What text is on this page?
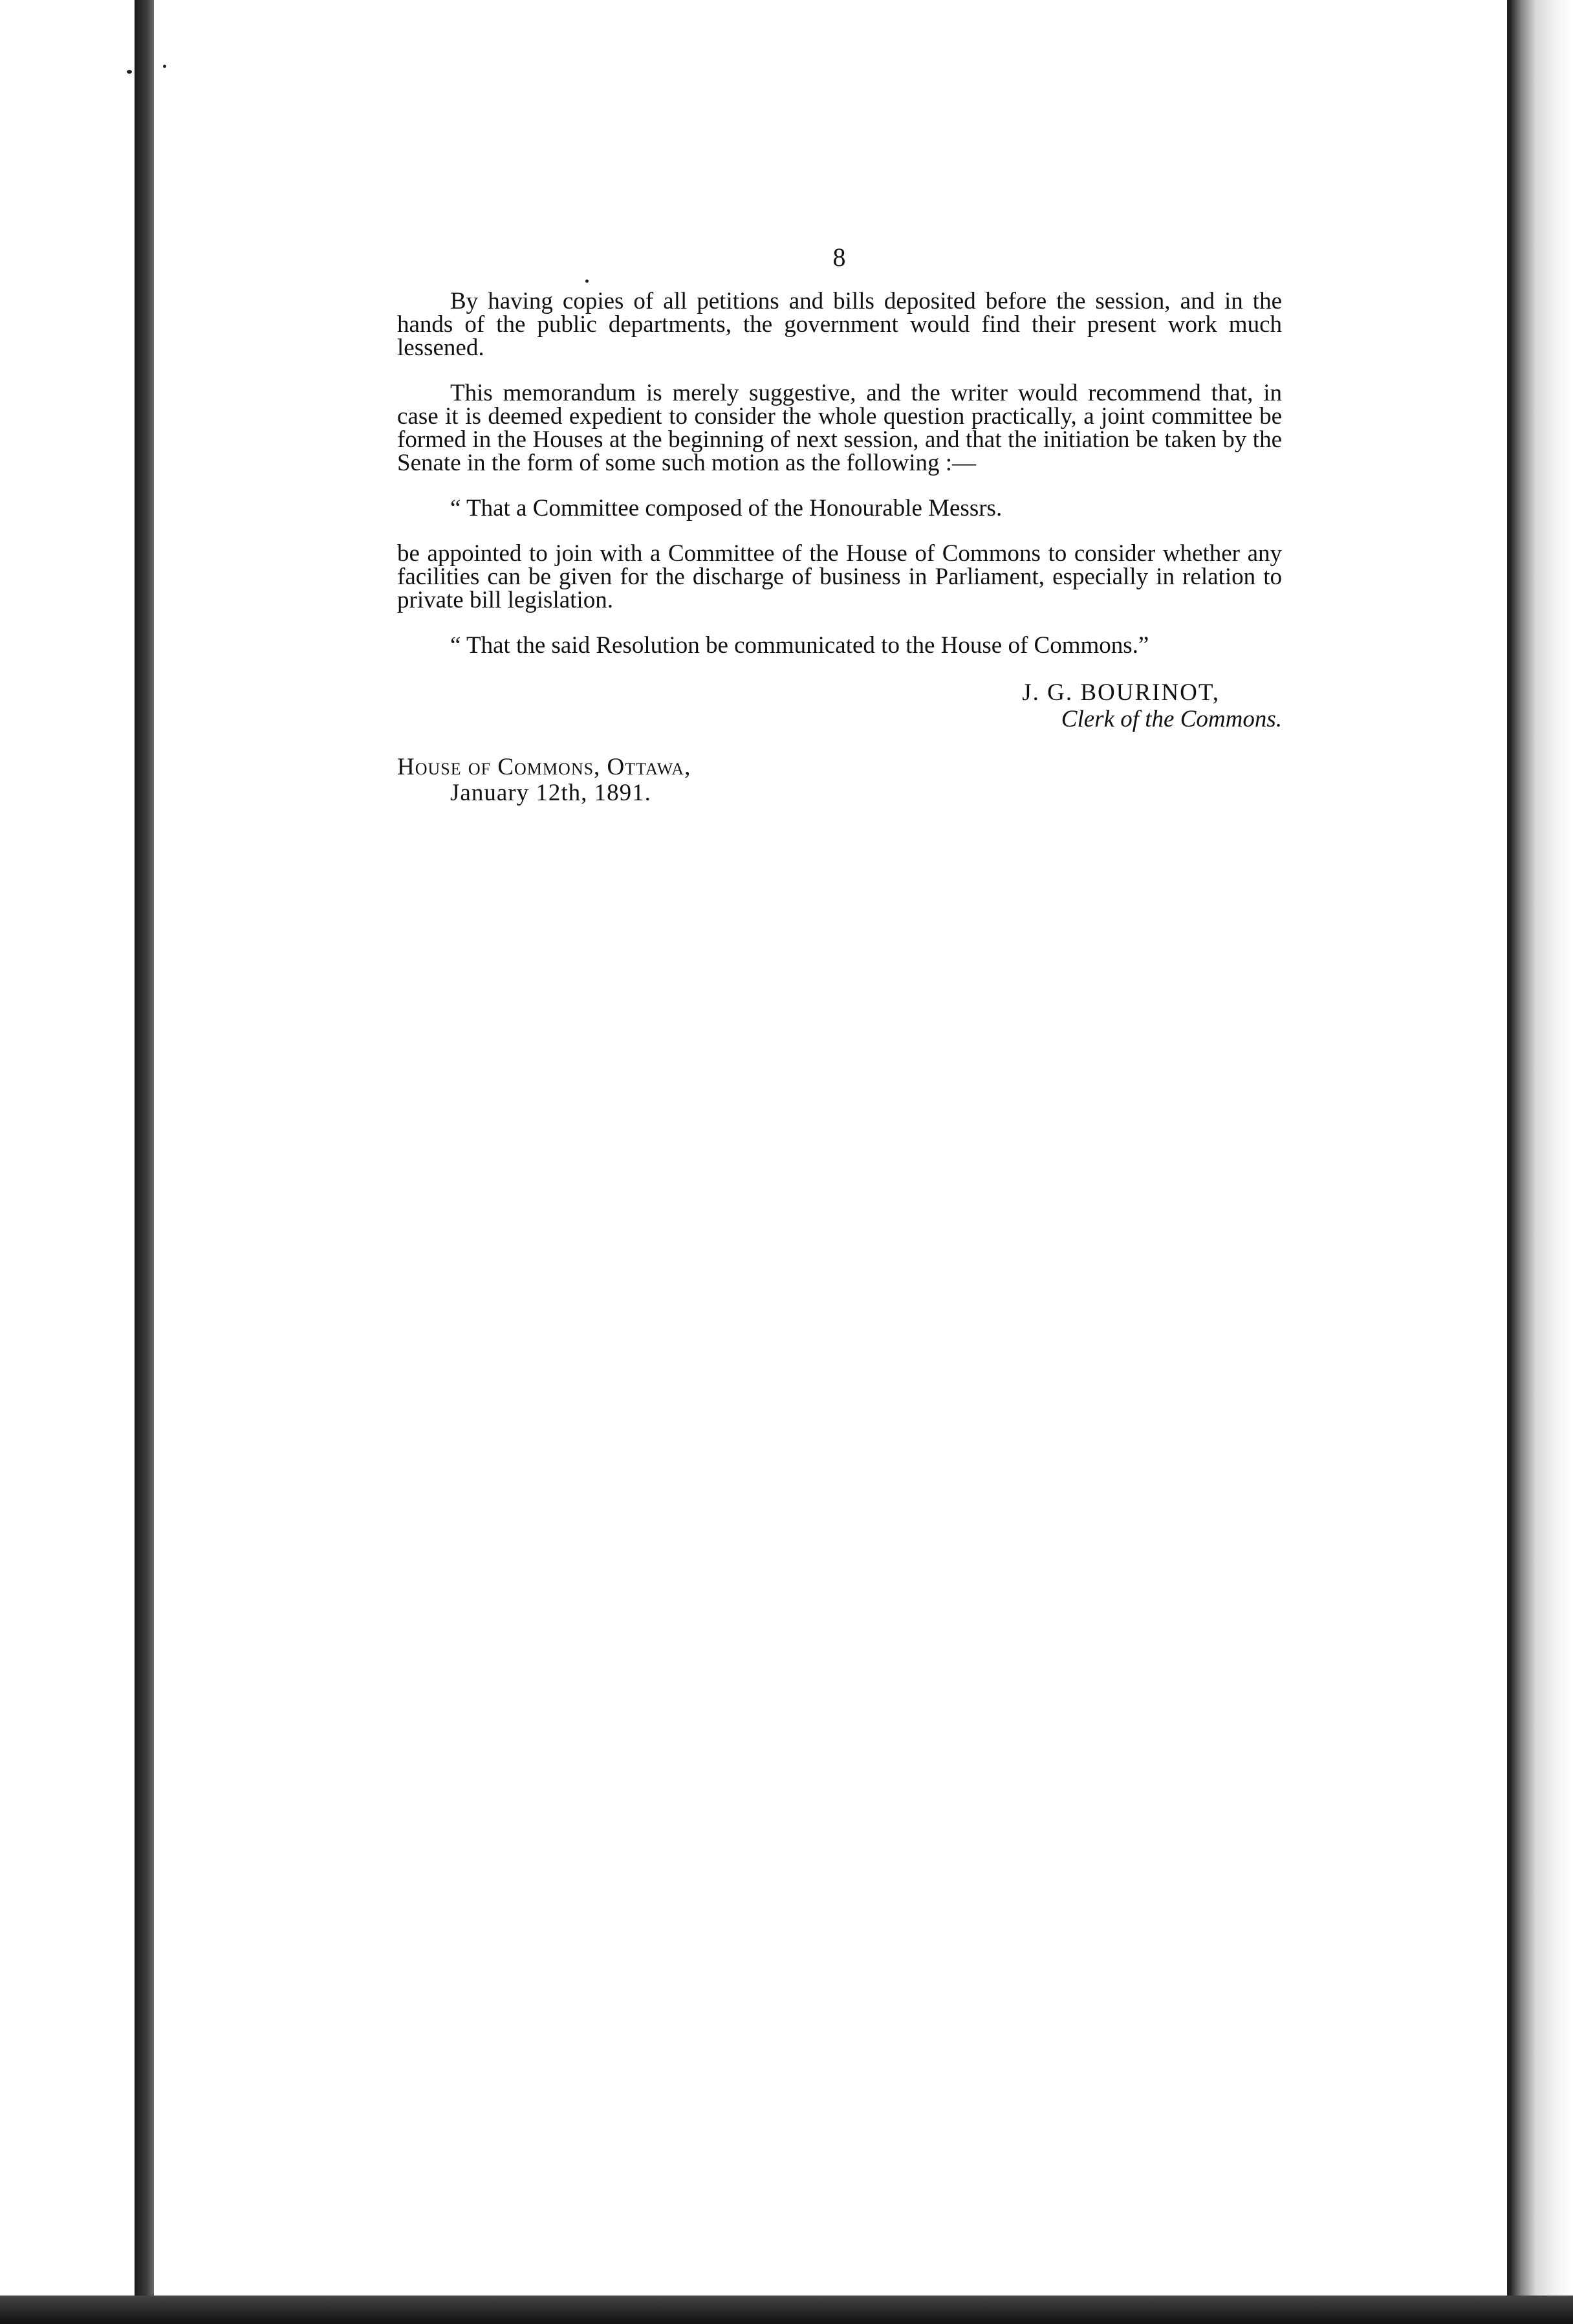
8

By having copies of all petitions and bills deposited before the session, and in the hands of the public departments, the government would find their present work much lessened.

This memorandum is merely suggestive, and the writer would recommend that, in case it is deemed expedient to consider the whole question practically, a joint committee be formed in the Houses at the beginning of next session, and that the initiation be taken by the Senate in the form of some such motion as the following :—

“ That a Committee composed of the Honourable Messrs.

be appointed to join with a Committee of the House of Commons to consider whether any facilities can be given for the discharge of business in Parliament, especially in relation to private bill legislation.

“ That the said Resolution be communicated to the House of Commons.”

J. G. BOURINOT,
Clerk of the Commons.
House of Commons, Ottawa,
January 12th, 1891.
